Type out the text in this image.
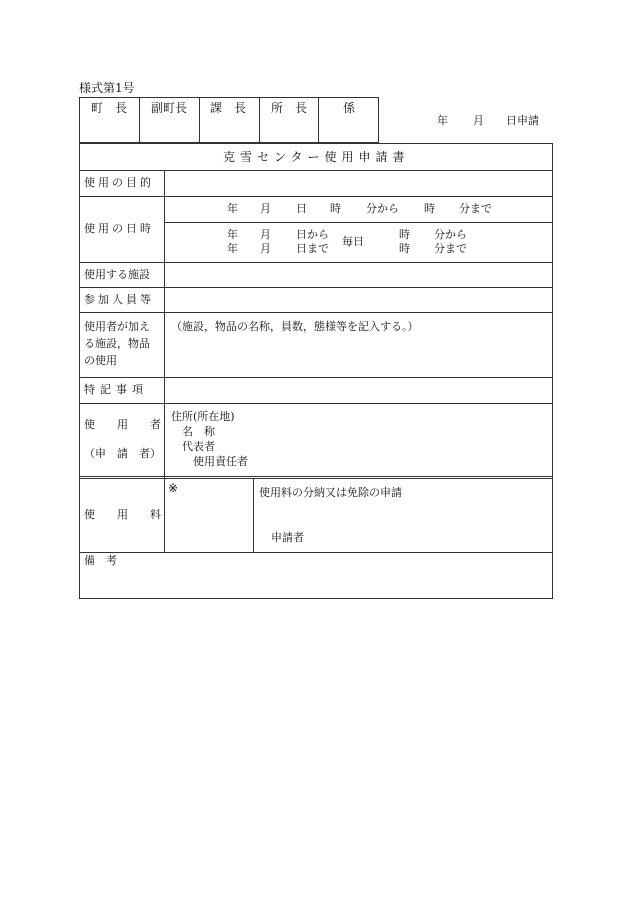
様式第1号
町　長 副町長 課　長 所　長	係
年 月 日申請
克雪センター使用申請書
使用の目的
使用の日時
年 月 日 時 分から 時 分まで
年 月 日から
年 月 日まで
毎日
時 分から
時 分まで
使用する施設
参加人員等
使用者が加え
る施設，物品
の使用
（施設，物品の名称，員数，態様等を記入する。）
特記事項
使　　用　　者
（申　請　者）
住所(所在地)
名　称
代表者
使用責任者
使　　用　　料
※	使用料の分納又は免除の申請
申請者
備　考
